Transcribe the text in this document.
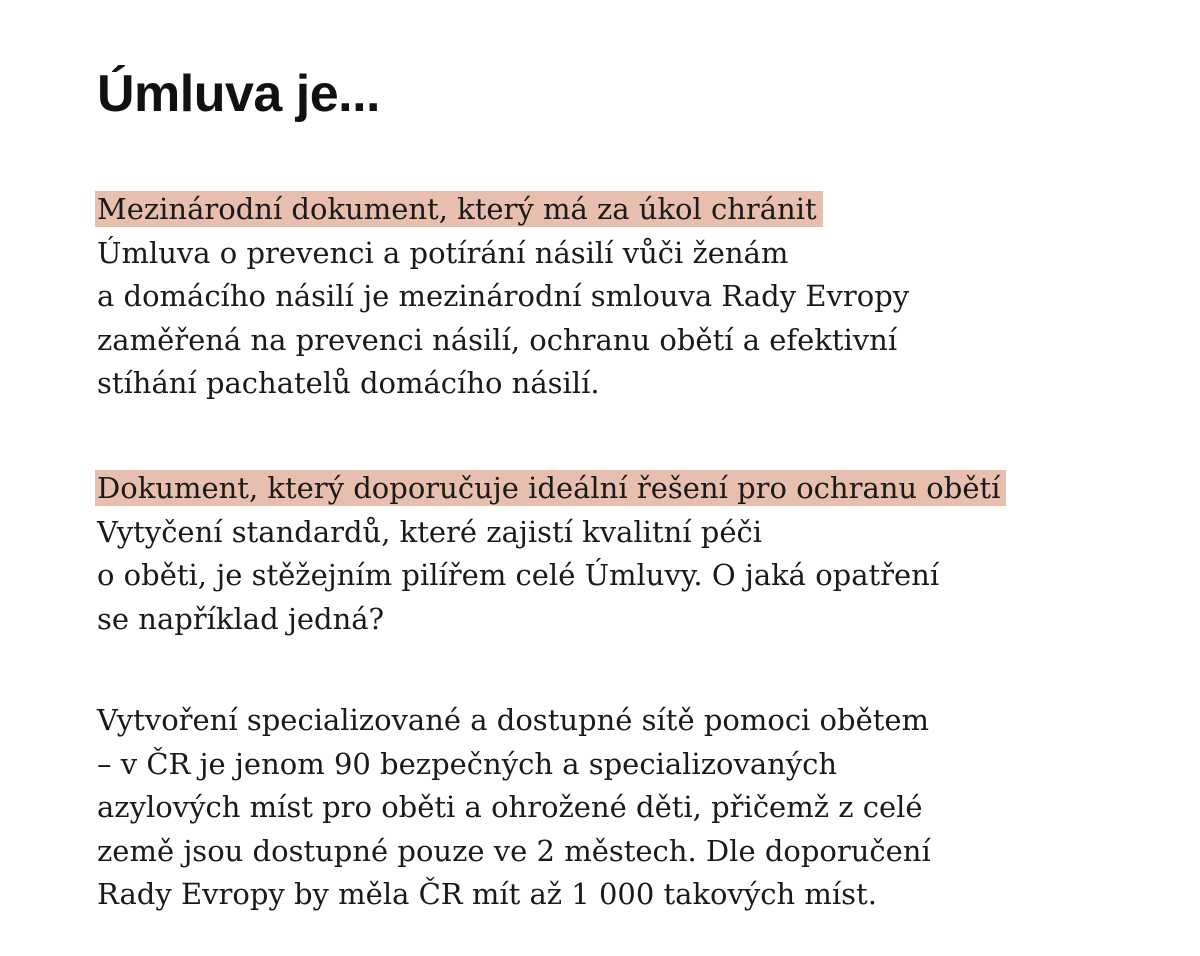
Úmluva je...
Mezinárodní dokument, který má za úkol chránit
Úmluva o prevenci a potírání násilí vůči ženám
a domácího násilí je mezinárodní smlouva Rady Evropy
zaměřená na prevenci násilí, ochranu obětí a efektivní
stíhání pachatelů domácího násilí.
Dokument, který doporučuje ideální řešení pro ochranu obětí
Vytyčení standardů, které zajistí kvalitní péči
o oběti, je stěžejním pilířem celé Úmluvy. O jaká opatření
se například jedná?
Vytvoření specializované a dostupné sítě pomoci obětem
– v ČR je jenom 90 bezpečných a specializovaných
azylových míst pro oběti a ohrožené děti, přičemž z celé
země jsou dostupné pouze ve 2 městech. Dle doporučení
Rady Evropy by měla ČR mít až 1 000 takových míst.
